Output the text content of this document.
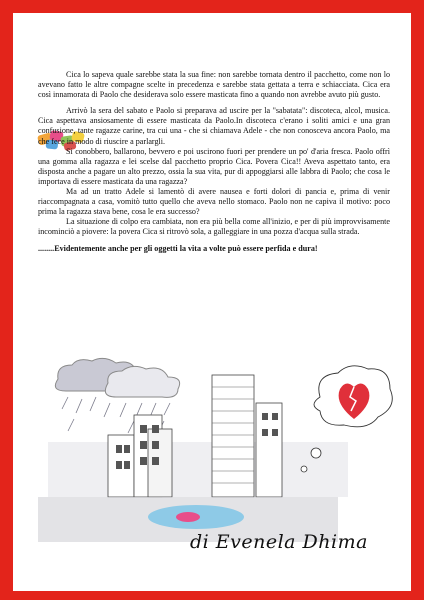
Cica lo sapeva quale sarebbe stata la sua fine: non sarebbe tornata dentro il pacchetto, come non lo avevano fatto le altre compagne scelte in precedenza e sarebbe stata gettata a terra e schiacciata. Cica era così innamorata di Paolo che desiderava solo essere masticata fino a quando non avrebbe avuto più gusto.

Arrivò la sera del sabato e Paolo si preparava ad uscire per la "sabatata": discoteca, alcol, musica. Cica aspettava ansiosamente di essere masticata da Paolo.In discoteca c'erano i soliti amici e una gran confusione, tante ragazze carine, tra cui una - che si chiamava Adele - che non conosceva ancora Paolo, ma che fece in modo di riuscire a parlargli.

Si conobbero, ballarono, bevvero e poi uscirono fuori per prendere un po' d'aria fresca. Paolo offrì una gomma alla ragazza e lei scelse dal pacchetto proprio Cica. Povera Cica!! Aveva aspettato tanto, era disposta anche a pagare un alto prezzo, ossia la sua vita, pur di appoggiarsi alle labbra di Paolo; che cosa le importava di essere masticata da una ragazza?

Ma ad un tratto Adele si lamentò di avere nausea e forti dolori di pancia e, prima di venir riaccompagnata a casa, vomitò tutto quello che aveva nello stomaco. Paolo non ne capiva il motivo: poco prima la ragazza stava bene, cosa le era successo?

La situazione di colpo era cambiata, non era più bella come all'inizio, e per di più improvvisamente incominciò a piovere: la povera Cica si ritrovò sola, a galleggiare in una pozza d'acqua sulla strada.

........Evidentemente anche per gli oggetti la vita a volte può essere perfida e dura!

di Evenela Dhima
